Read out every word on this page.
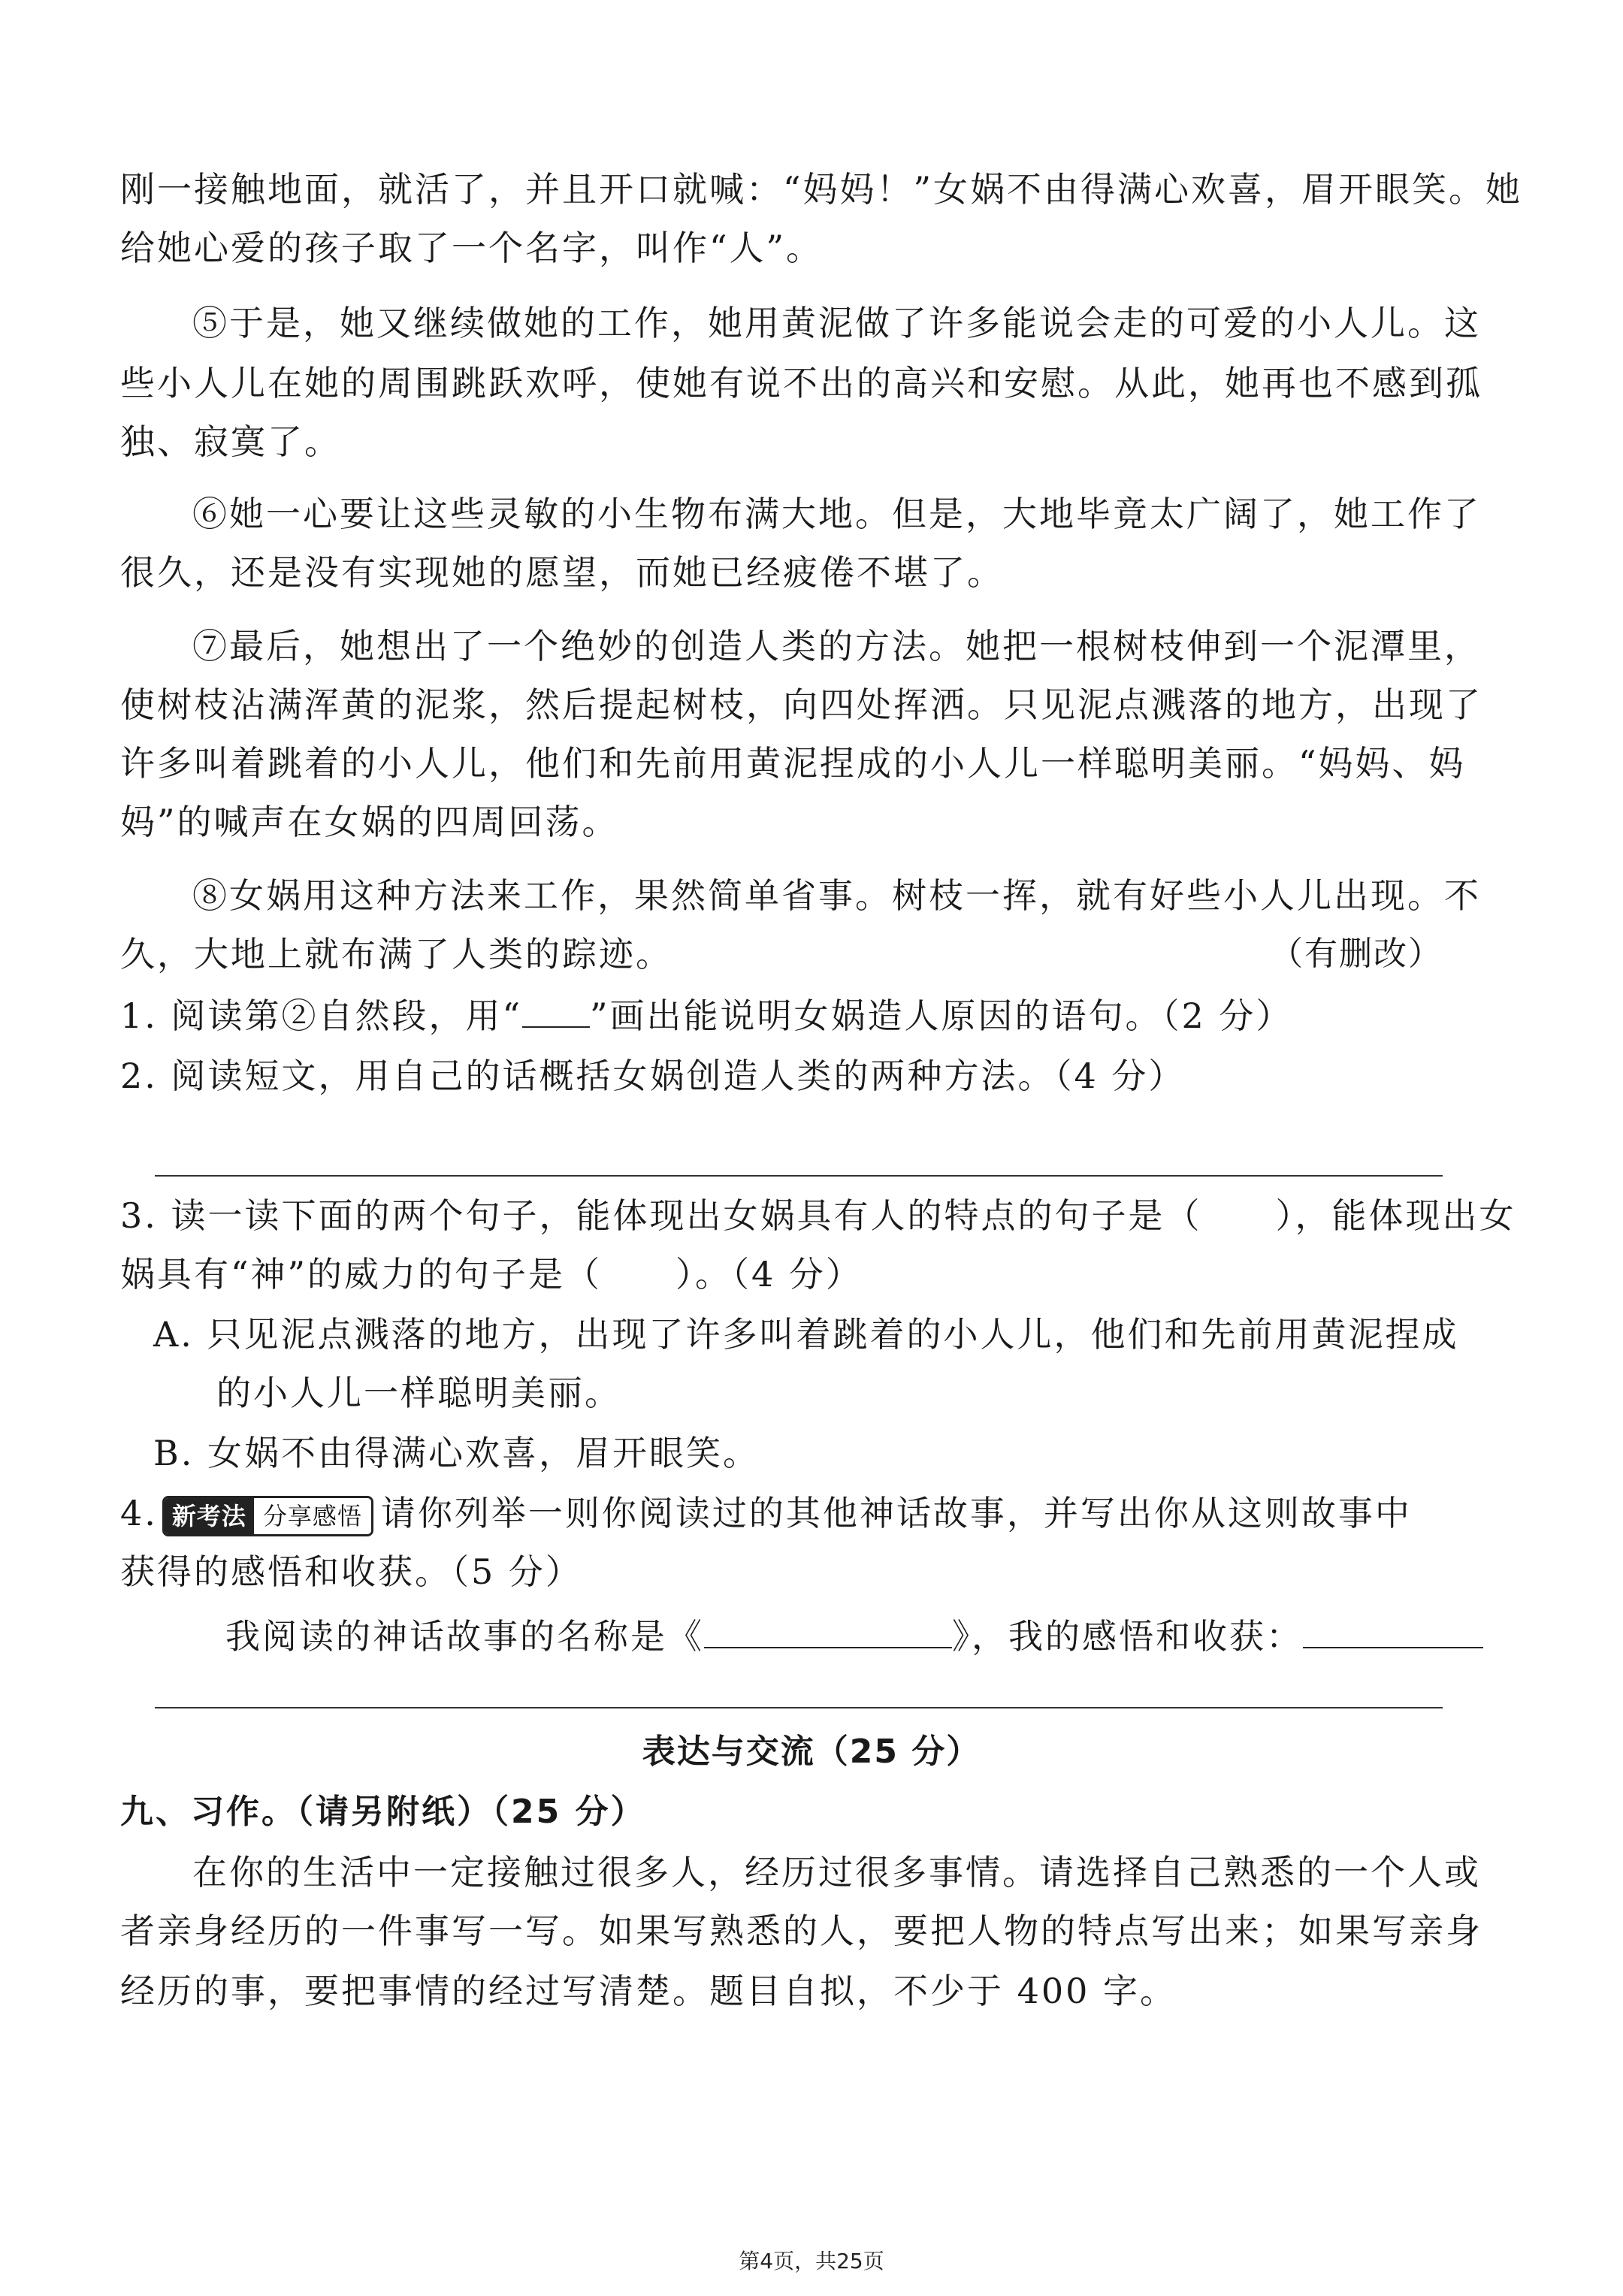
刚一接触地面，就活了，并且开口就喊：“妈妈！”女娲不由得满心欢喜，眉开眼笑。她
给她心爱的孩子取了一个名字，叫作“人”。
⑤于是，她又继续做她的工作，她用黄泥做了许多能说会走的可爱的小人儿。这
些小人儿在她的周围跳跃欢呼，使她有说不出的高兴和安慰。从此，她再也不感到孤
独、寂寞了。
⑥她一心要让这些灵敏的小生物布满大地。但是，大地毕竟太广阔了，她工作了
很久，还是没有实现她的愿望，而她已经疲倦不堪了。
⑦最后，她想出了一个绝妙的创造人类的方法。她把一根树枝伸到一个泥潭里，
使树枝沾满浑黄的泥浆，然后提起树枝，向四处挥洒。只见泥点溅落的地方，出现了
许多叫着跳着的小人儿，他们和先前用黄泥捏成的小人儿一样聪明美丽。“妈妈、妈
妈”的喊声在女娲的四周回荡。
⑧女娲用这种方法来工作，果然简单省事。树枝一挥，就有好些小人儿出现。不
久，大地上就布满了人类的踪迹。	（有删改）
1. 阅读第②自然段，用“ ”画出能说明女娲造人原因的语句。（2 分）
2. 阅读短文，用自己的话概括女娲创造人类的两种方法。（4 分）
3. 读一读下面的两个句子，能体现出女娲具有人的特点的句子是（　　），能体现出女
娲具有“神”的威力的句子是（　　）。（4 分）
A. 只见泥点溅落的地方，出现了许多叫着跳着的小人儿，他们和先前用黄泥捏成
的小人儿一样聪明美丽。
B. 女娲不由得满心欢喜，眉开眼笑。
4. 新考法 分享感悟 请你列举一则你阅读过的其他神话故事，并写出你从这则故事中
获得的感悟和收获。（5 分）
我阅读的神话故事的名称是《	》，我的感悟和收获：
表达与交流（25 分）
九、习作。（请另附纸）（25 分）
在你的生活中一定接触过很多人，经历过很多事情。请选择自己熟悉的一个人或
者亲身经历的一件事写一写。如果写熟悉的人，要把人物的特点写出来；如果写亲身
经历的事，要把事情的经过写清楚。题目自拟，不少于 400 字。
第4页，共25页
